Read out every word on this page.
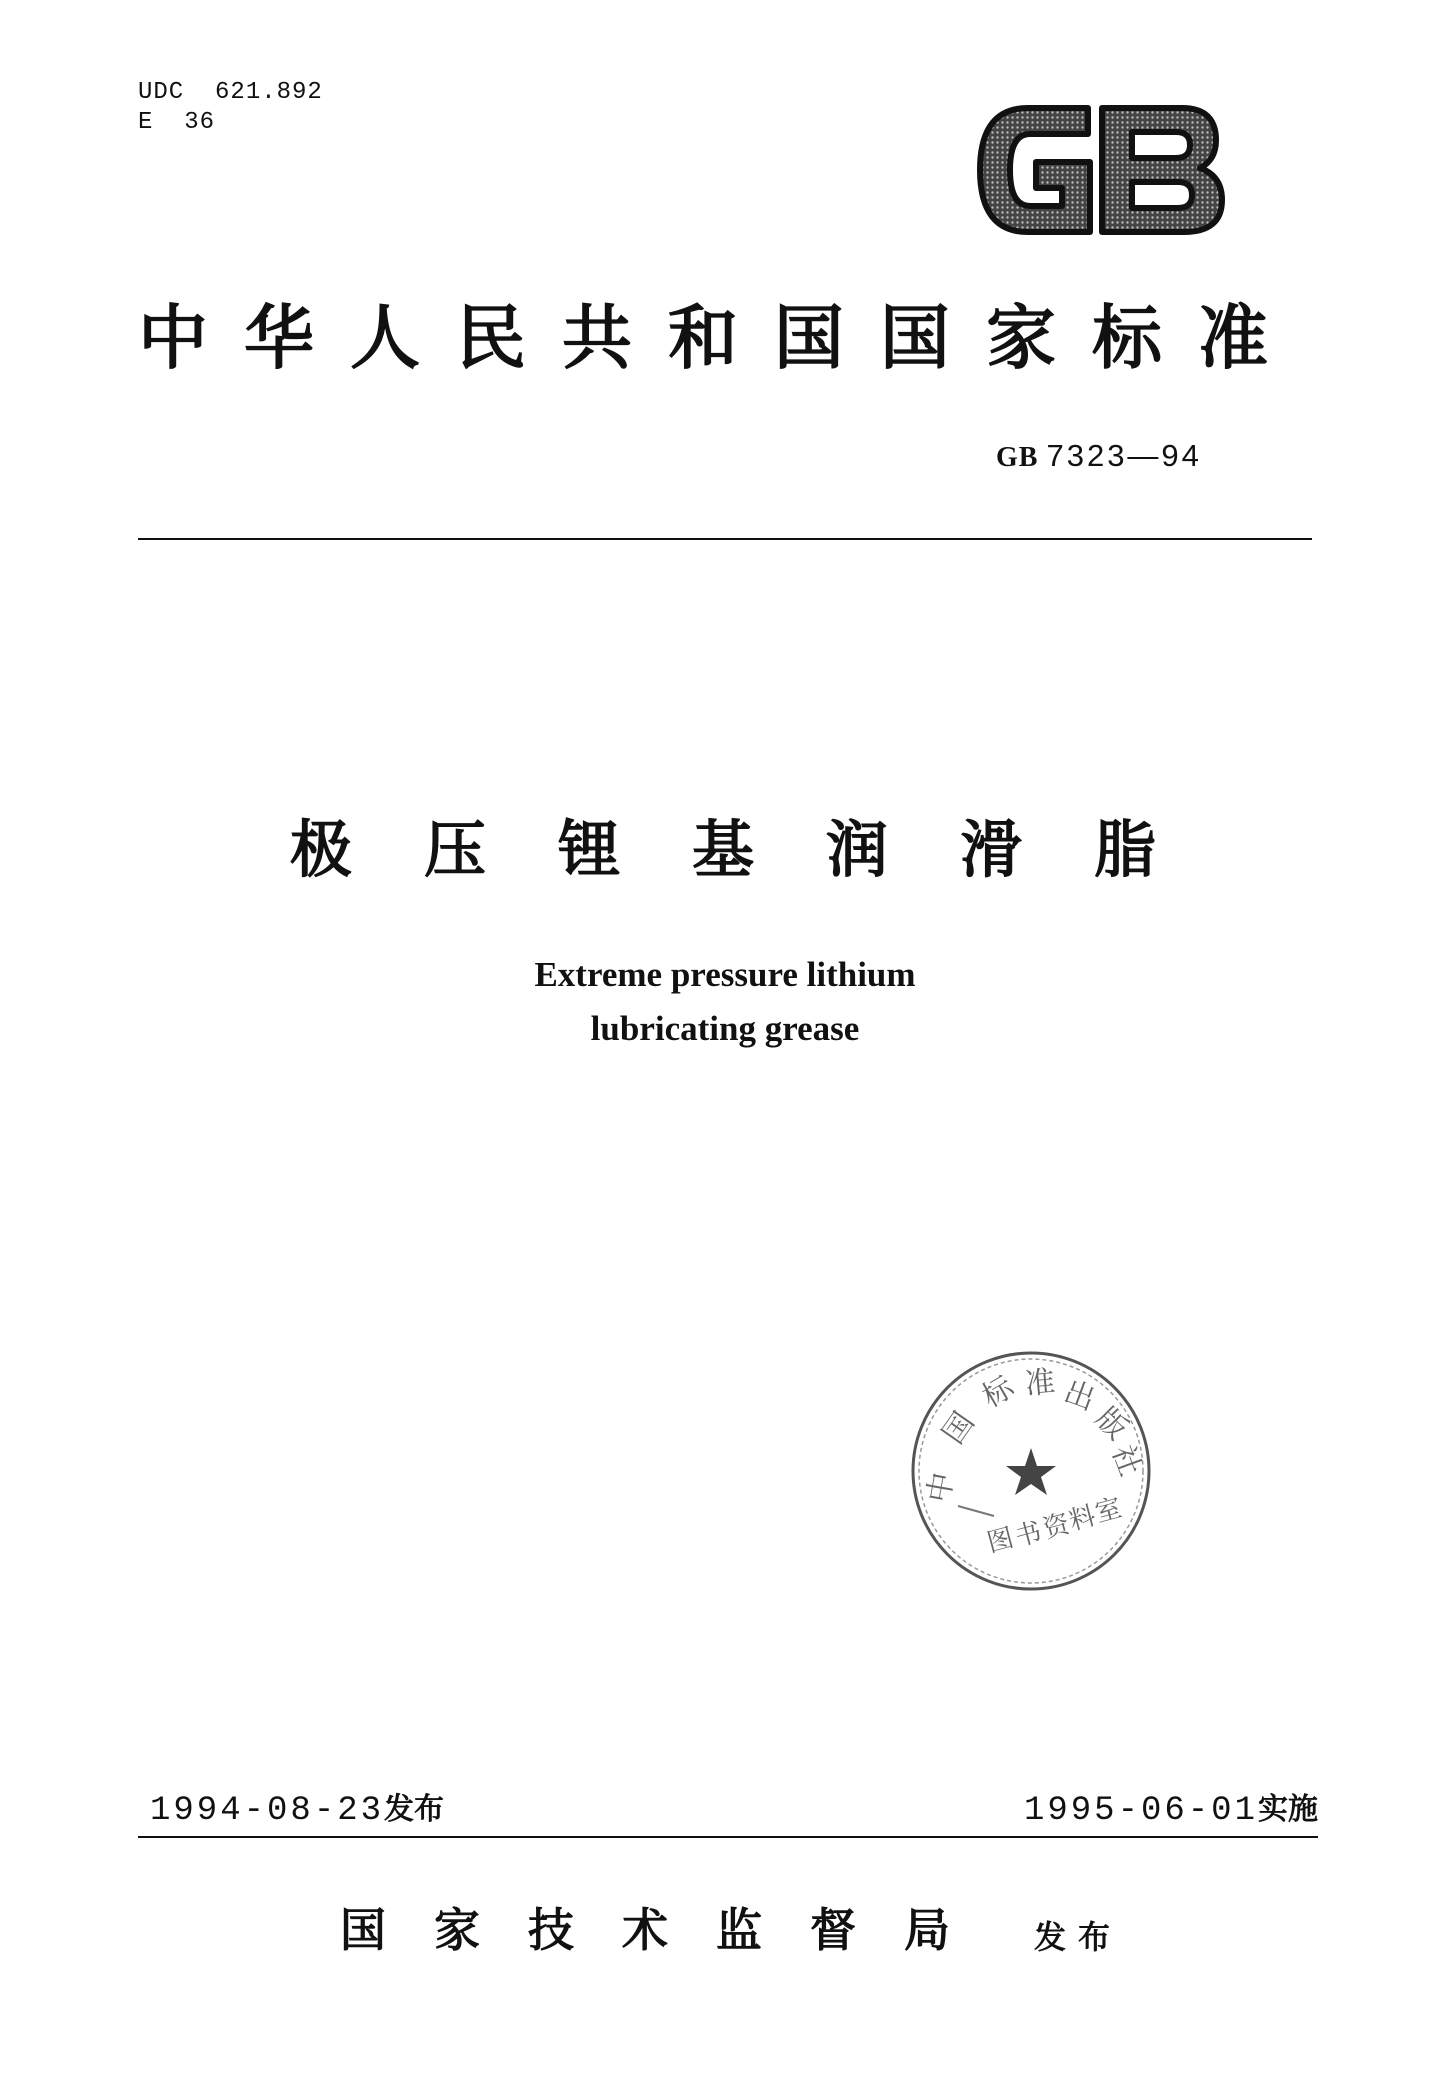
UDC  621.892
E  36
中华人民共和国国家标准
GB 7323—94
极压锂基润滑脂
Extreme pressure lithium
lubricating grease
中
国
标 准 出
版
社
图
书
资
料
室
1994-08-23发布	1995-06-01实施
国家技术监督局 发布
